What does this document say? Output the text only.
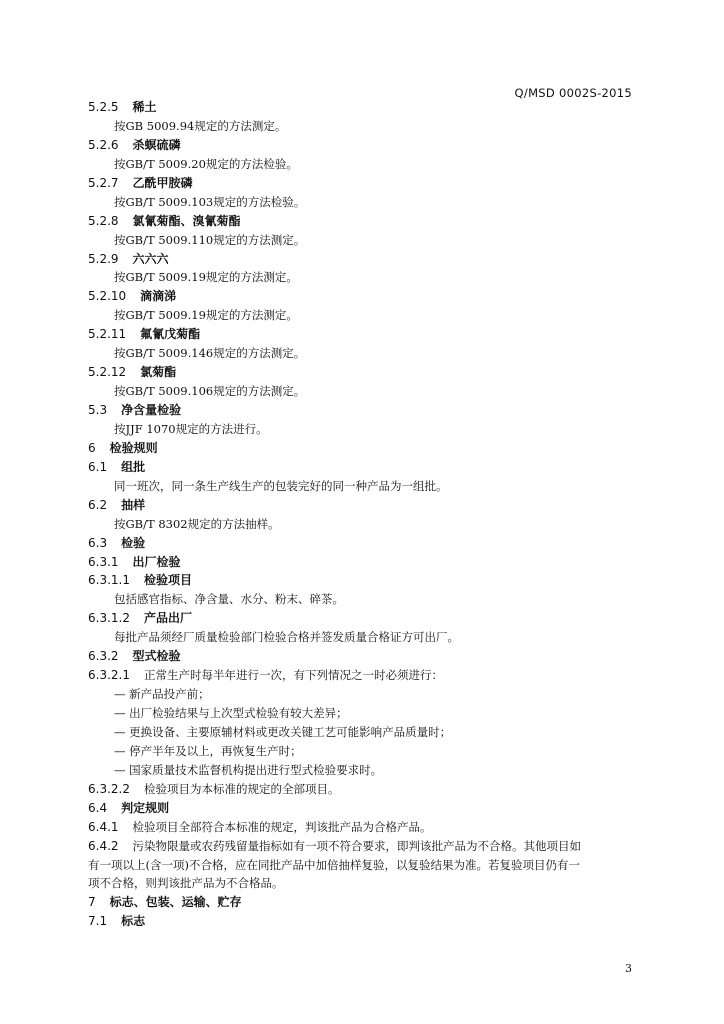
Q/MSD 0002S-2015
5.2.5 稀土
按GB 5009.94规定的方法测定。
5.2.6 杀螟硫磷
按GB/T 5009.20规定的方法检验。
5.2.7 乙酰甲胺磷
按GB/T 5009.103规定的方法检验。
5.2.8 氯氰菊酯、溴氰菊酯
按GB/T 5009.110规定的方法测定。
5.2.9 六六六
按GB/T 5009.19规定的方法测定。
5.2.10 滴滴涕
按GB/T 5009.19规定的方法测定。
5.2.11 氟氰戊菊酯
按GB/T 5009.146规定的方法测定。
5.2.12 氯菊酯
按GB/T 5009.106规定的方法测定。
5.3 净含量检验
按JJF 1070规定的方法进行。
6 检验规则
6.1 组批
同一班次，同一条生产线生产的包装完好的同一种产品为一组批。
6.2 抽样
按GB/T 8302规定的方法抽样。
6.3 检验
6.3.1 出厂检验
6.3.1.1 检验项目
包括感官指标、净含量、水分、粉末、碎茶。
6.3.1.2 产品出厂
每批产品须经厂质量检验部门检验合格并签发质量合格证方可出厂。
6.3.2 型式检验
6.3.2.1 正常生产时每半年进行一次，有下列情况之一时必须进行：
— 新产品投产前；
— 出厂检验结果与上次型式检验有较大差异；
— 更换设备、主要原辅材料或更改关键工艺可能影响产品质量时；
— 停产半年及以上，再恢复生产时；
— 国家质量技术监督机构提出进行型式检验要求时。
6.3.2.2 检验项目为本标准的规定的全部项目。
6.4 判定规则
6.4.1 检验项目全部符合本标准的规定，判该批产品为合格产品。
6.4.2 污染物限量或农药残留量指标如有一项不符合要求，即判该批产品为不合格。其他项目如
有一项以上(含一项)不合格，应在同批产品中加倍抽样复验，以复验结果为准。若复验项目仍有一
项不合格，则判该批产品为不合格品。
7 标志、包装、运输、贮存
7.1 标志
3
